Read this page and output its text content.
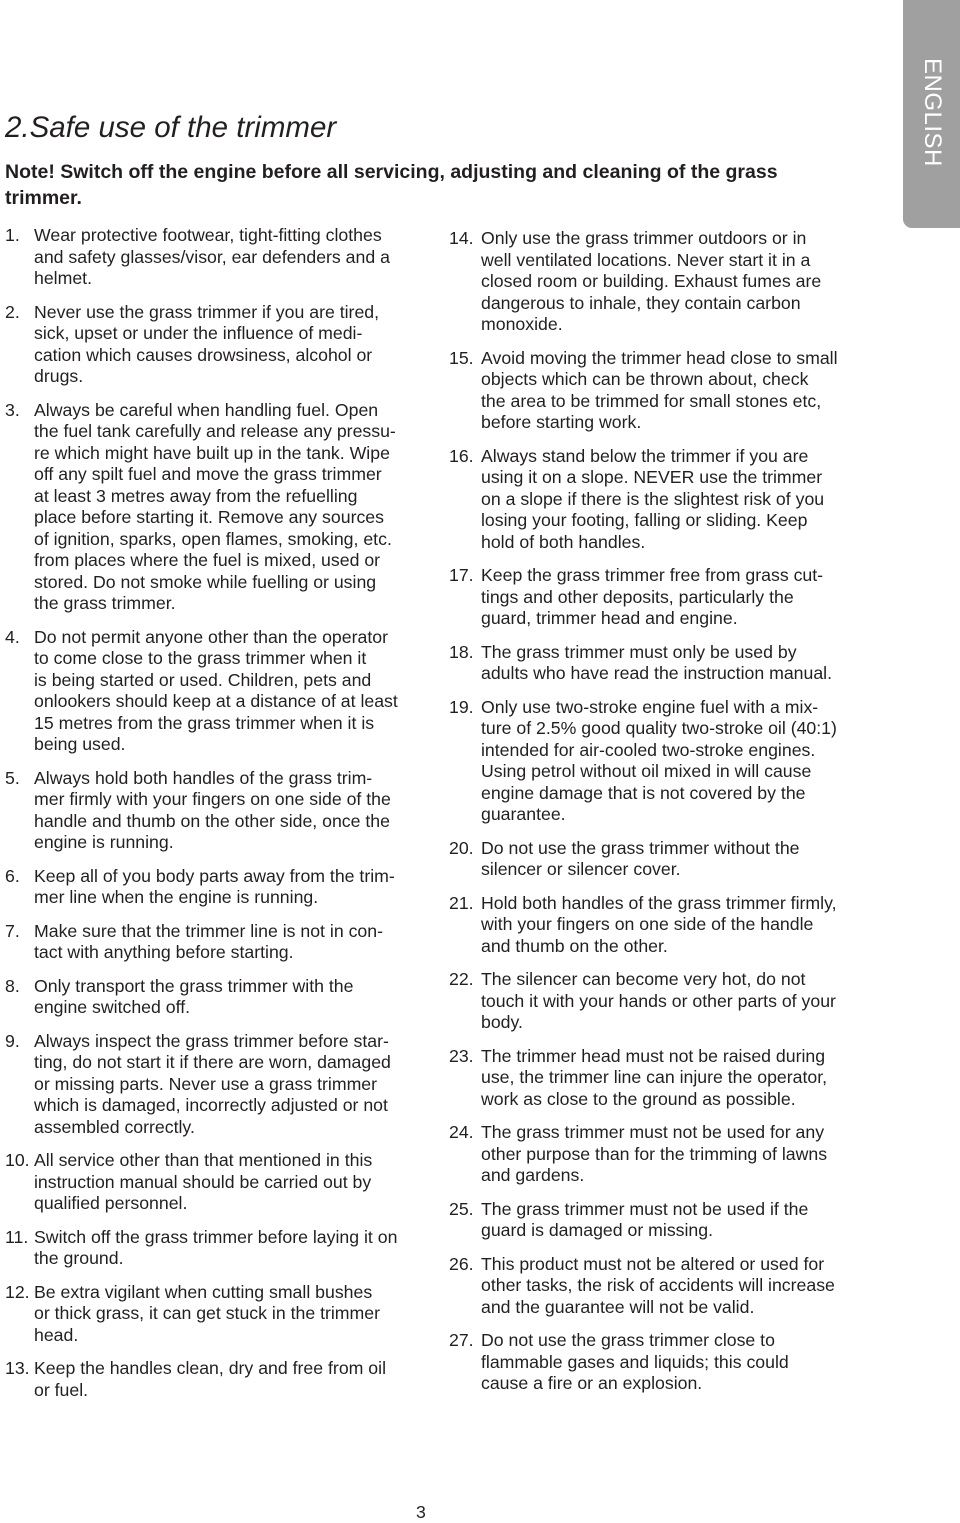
ENGLISH
2.Safe use of the trimmer
Note! Switch off the engine before all servicing, adjusting and cleaning of the grass
trimmer.
1. Wear protective footwear, tight-fitting clothes
and safety glasses/visor, ear defenders and a
helmet.
2. Never use the grass trimmer if you are tired,
sick, upset or under the influence of medi-
cation which causes drowsiness, alcohol or
drugs.
3. Always be careful when handling fuel. Open
the fuel tank carefully and release any pressu-
re which might have built up in the tank. Wipe
off any spilt fuel and move the grass trimmer
at least 3 metres away from the refuelling
place before starting it. Remove any sources
of ignition, sparks, open flames, smoking, etc.
from places where the fuel is mixed, used or
stored. Do not smoke while fuelling or using
the grass trimmer.
4. Do not permit anyone other than the operator
to come close to the grass trimmer when it
is being started or used. Children, pets and
onlookers should keep at a distance of at least
15 metres from the grass trimmer when it is
being used.
5. Always hold both handles of the grass trim-
mer firmly with your fingers on one side of the
handle and thumb on the other side, once the
engine is running.
6. Keep all of you body parts away from the trim-
mer line when the engine is running.
7. Make sure that the trimmer line is not in con-
tact with anything before starting.
8. Only transport the grass trimmer with the
engine switched off.
9. Always inspect the grass trimmer before star-
ting, do not start it if there are worn, damaged
or missing parts. Never use a grass trimmer
which is damaged, incorrectly adjusted or not
assembled correctly.
10. All service other than that mentioned in this
instruction manual should be carried out by
qualified personnel.
11. Switch off the grass trimmer before laying it on
the ground.
12. Be extra vigilant when cutting small bushes
or thick grass, it can get stuck in the trimmer
head.
13. Keep the handles clean, dry and free from oil
or fuel.
14. Only use the grass trimmer outdoors or in
well ventilated locations. Never start it in a
closed room or building. Exhaust fumes are
dangerous to inhale, they contain carbon
monoxide.
15. Avoid moving the trimmer head close to small
objects which can be thrown about, check
the area to be trimmed for small stones etc,
before starting work.
16. Always stand below the trimmer if you are
using it on a slope. NEVER use the trimmer
on a slope if there is the slightest risk of you
losing your footing, falling or sliding. Keep
hold of both handles.
17. Keep the grass trimmer free from grass cut-
tings and other deposits, particularly the
guard, trimmer head and engine.
18. The grass trimmer must only be used by
adults who have read the instruction manual.
19. Only use two-stroke engine fuel with a mix-
ture of 2.5% good quality two-stroke oil (40:1)
intended for air-cooled two-stroke engines.
Using petrol without oil mixed in will cause
engine damage that is not covered by the
guarantee.
20. Do not use the grass trimmer without the
silencer or silencer cover.
21. Hold both handles of the grass trimmer firmly,
with your fingers on one side of the handle
and thumb on the other.
22. The silencer can become very hot, do not
touch it with your hands or other parts of your
body.
23. The trimmer head must not be raised during
use, the trimmer line can injure the operator,
work as close to the ground as possible.
24. The grass trimmer must not be used for any
other purpose than for the trimming of lawns
and gardens.
25. The grass trimmer must not be used if the
guard is damaged or missing.
26. This product must not be altered or used for
other tasks, the risk of accidents will increase
and the guarantee will not be valid.
27. Do not use the grass trimmer close to
flammable gases and liquids; this could
cause a fire or an explosion.
3
